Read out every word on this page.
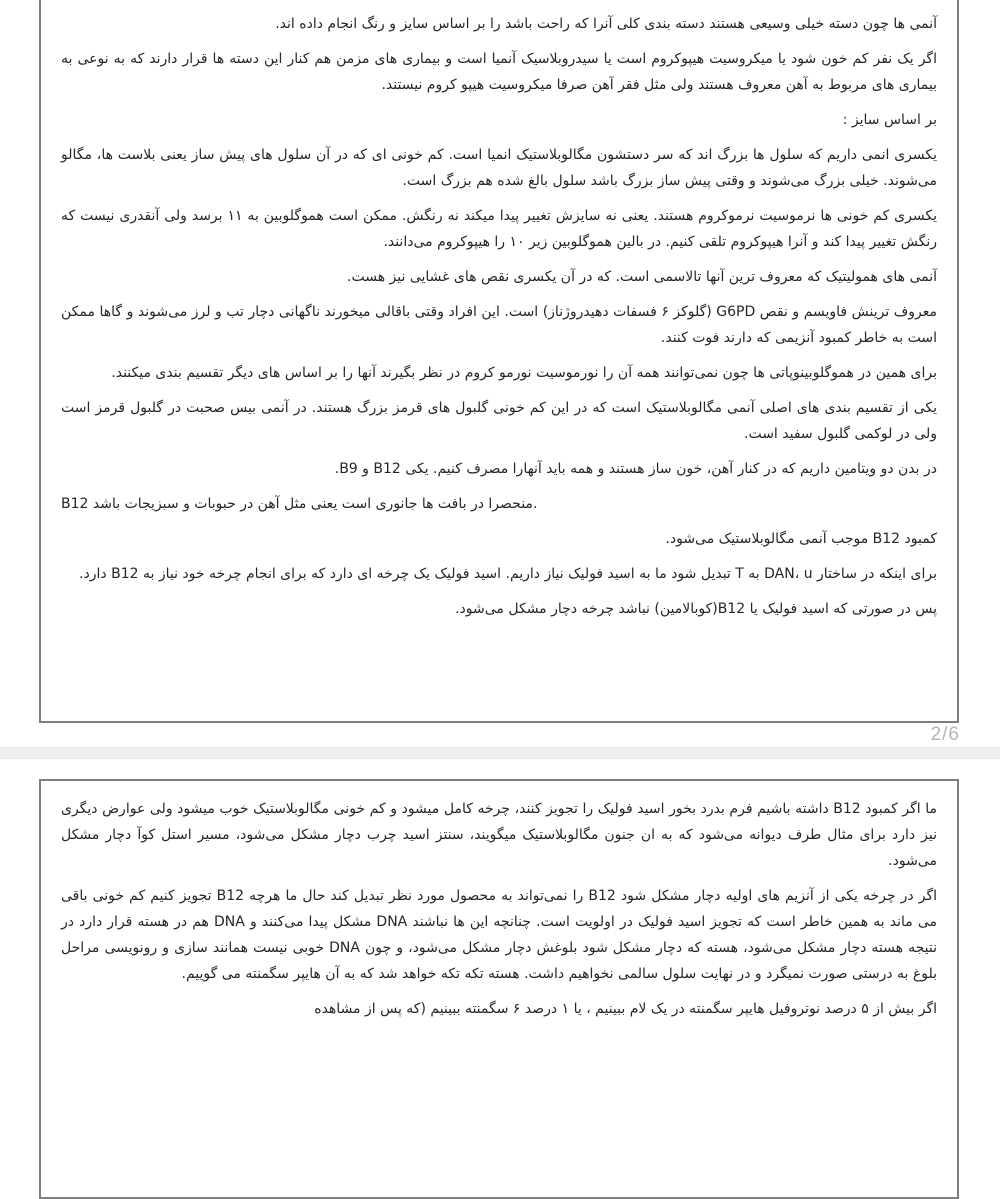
آنمی ها چون دسته خیلی وسیعی هستند دسته بندی کلی آنرا که راحت باشد را بر اساس سایز و رنگ انجام داده اند.

اگر یک نفر کم خون شود یا میکروسیت هیپوکروم است یا سیدروبلاسیک آنمیا است و بیماری های مزمن هم کنار این دسته ها قرار دارند که به نوعی به بیماری های مربوط به آهن معروف هستند ولی مثل فقر آهن صرفا میکروسیت هیپو کروم نیستند.

بر اساس سایز :

یکسری انمی داریم که سلول ها بزرگ اند که سر دستشون مگالوبلاستیک انمیا است. کم خونی ای که در آن سلول های پیش ساز یعنی بلاست ها، مگالو می‌شوند. خیلی بزرگ می‌شوند و وقتی پیش ساز بزرگ باشد سلول بالغ شده هم بزرگ است.

یکسری کم خونی ها نرموسیت نرموکروم هستند. یعنی نه سایزش تغییر پیدا میکند نه رنگش. ممکن است هموگلوبین به ۱۱ برسد ولی آنقدری نیست که رنگش تغییر پیدا کند و آنرا هیپوکروم تلقی کنیم. در بالین هموگلوبین زیر ۱۰ را هیپوکروم می‌دانند.

آنمی های همولیتیک که معروف ترین آنها تالاسمی است. که در آن یکسری نقص های غشایی نیز هست.

معروف ترینش فاویسم و نقص G6PD (گلوکز ۶ فسفات دهیدروژناز) است. این افراد وقتی باقالی میخورند ناگهانی دچار تب و لرز می‌شوند و گاها ممکن است به خاطر کمبود آنزیمی که دارند فوت کنند.

برای همین در هموگلوبینوپاتی ها چون نمی‌توانند همه آن را نورموسیت نورمو کروم در نظر بگیرند آنها را بر اساس های دیگر تقسیم بندی میکنند.

یکی از تقسیم بندی های اصلی آنمی مگالوبلاستیک است که در این کم خونی گلبول های قرمز بزرگ هستند. در آنمی بیس صحبت در گلبول قرمز است ولی در لوکمی گلبول سفید است.

در بدن دو ویتامین داریم که در کنار آهن، خون ساز هستند و همه باید آنهارا مصرف کنیم. یکی B12 و B9.

B12 منحصرا در بافت ها جانوری است یعنی مثل آهن در حبوبات و سبزیجات باشد.

کمبود B12 موجب آنمی مگالوبلاستیک می‌شود.

برای اینکه در ساختار DAN، u به T تبدیل شود ما به اسید فولیک نیاز داریم. اسید فولیک یک چرخه ای دارد که برای انجام چرخه خود نیاز به B12 دارد.

پس در صورتی که اسید فولیک یا B12(کوبالامین) نباشد چرخه دچار مشکل می‌شود.

2/6

ما اگر کمبود B12 داشته باشیم فرم بدرد بخور اسید فولیک را تجویز کنند، چرخه کامل میشود و کم خونی مگالوبلاستیک خوب میشود ولی عوارض دیگری نیز دارد برای مثال طرف دیوانه می‌شود که به ان جنون مگالوبلاستیک میگویند، سنتز اسید چرب دچار مشکل می‌شود، مسیر استل کوآ دچار مشکل می‌شود.

اگر در چرخه یکی از آنزیم های اولیه دچار مشکل شود B12 را نمی‌تواند به محصول مورد نظر تبدیل کند حال ما هرچه B12 تجویز کنیم کم خونی باقی می ماند به همین خاطر است که تجویز اسید فولیک در اولویت است. چنانچه این ها نباشند DNA مشکل پیدا می‌کنند و DNA هم در هسته قرار دارد در نتیجه هسته دچار مشکل می‌شود، هسته که دچار مشکل شود بلوغش دچار مشکل می‌شود، و چون DNA خوبی نیست همانند سازی و رونویسی مراحل بلوغ به درستی صورت نمیگرد و در نهایت سلول سالمی نخواهیم داشت. هسته تکه تکه خواهد شد که به آن هایپر سگمنته می گوییم.

اگر بیش از ۵ درصد نوتروفیل هایپر سگمنته در یک لام ببینیم ، یا ۱ درصد ۶ سگمنته ببینیم (که پس از مشاهده
